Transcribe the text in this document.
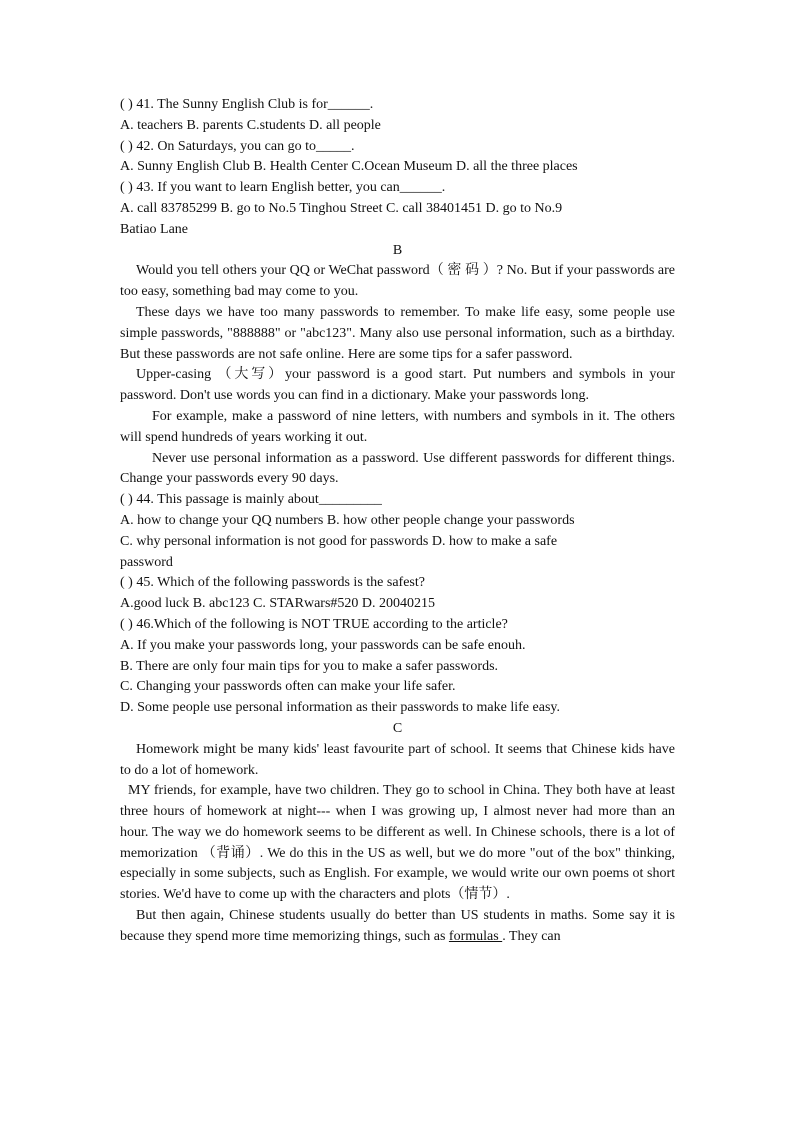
( ) 41. The Sunny English Club is for______.

A. teachers B. parents C.students D. all people

( ) 42. On Saturdays, you can go to_____.

A. Sunny English Club B. Health Center C.Ocean Museum D. all the three places

( ) 43. If you want to learn English better, you can______.

A. call 83785299 B. go to No.5 Tinghou Street C. call 38401451 D. go to No.9

Batiao Lane

B

Would you tell others your QQ or WeChat password（ 密 码 ）? No. But if your passwords are too easy, something bad may come to you.

These days we have too many passwords to remember. To make life easy, some people use simple passwords, "888888" or "abc123". Many also use personal information, such as a birthday. But these passwords are not safe online. Here are some tips for a safer password.

Upper-casing （大写）your password is a good start. Put numbers and symbols in your password. Don't use words you can find in a dictionary. Make your passwords long.

For example, make a password of nine letters, with numbers and symbols in it. The others will spend hundreds of years working it out.

Never use personal information as a password. Use different passwords for different things. Change your passwords every 90 days.

( ) 44. This passage is mainly about_________

A. how to change your QQ numbers B. how other people change your passwords

C. why personal information is not good for passwords D. how to make a safe

password

( ) 45. Which of the following passwords is the safest?

A.good luck B. abc123 C. STARwars#520 D. 20040215

( ) 46.Which of the following is NOT TRUE according to the article?

A. If you make your passwords long, your passwords can be safe enouh.

B. There are only four main tips for you to make a safer passwords.

C. Changing your passwords often can make your life safer.

D. Some people use personal information as their passwords to make life easy.

C

Homework might be many kids' least favourite part of school. It seems that Chinese kids have to do a lot of homework.

MY friends, for example, have two children. They go to school in China. They both have at least three hours of homework at night--- when I was growing up, I almost never had more than an hour. The way we do homework seems to be different as well. In Chinese schools, there is a lot of memorization （背诵）. We do this in the US as well, but we do more "out of the box" thinking, especially in some subjects, such as English. For example, we would write our own poems ot short stories. We'd have to come up with the characters and plots（情节）.

But then again, Chinese students usually do better than US students in maths. Some say it is because they spend more time memorizing things, such as formulas . They can
